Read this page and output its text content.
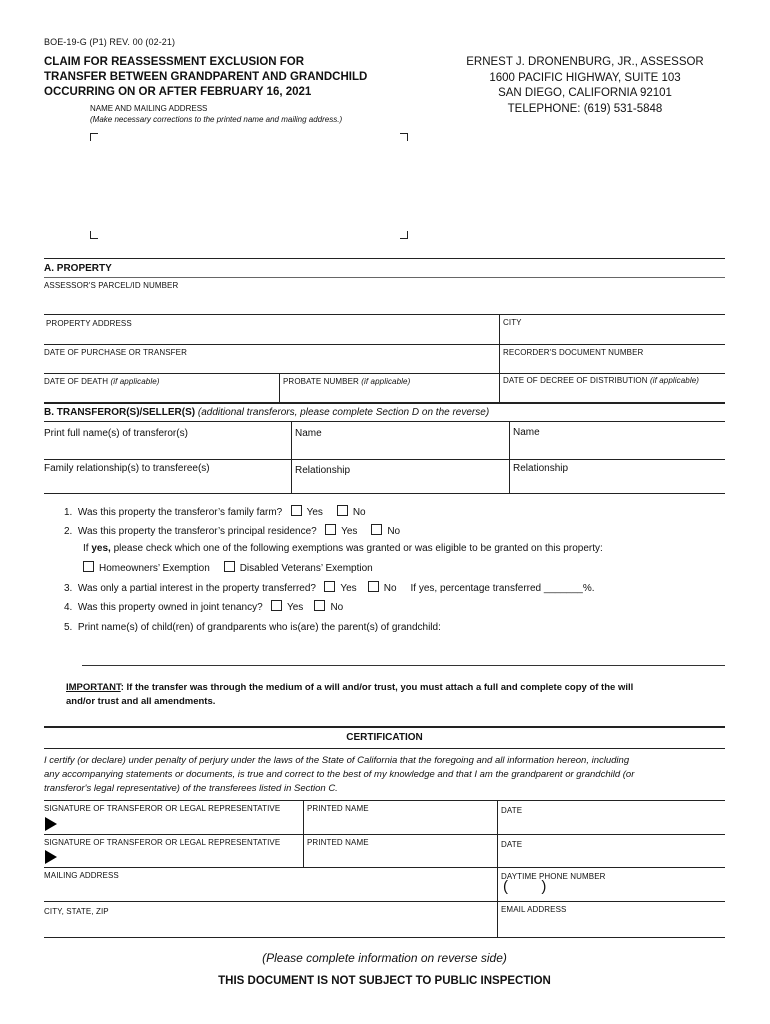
BOE-19-G (P1) REV. 00 (02-21)
CLAIM FOR REASSESSMENT EXCLUSION FOR
TRANSFER BETWEEN GRANDPARENT AND GRANDCHILD
OCCURRING ON OR AFTER FEBRUARY 16, 2021
ERNEST J. DRONENBURG, JR., ASSESSOR
1600 PACIFIC HIGHWAY, SUITE 103
SAN DIEGO, CALIFORNIA 92101
TELEPHONE: (619) 531-5848
NAME AND MAILING ADDRESS
(Make necessary corrections to the printed name and mailing address.)
A. PROPERTY
ASSESSOR'S PARCEL/ID NUMBER
PROPERTY ADDRESS	CITY
DATE OF PURCHASE OR TRANSFER	RECORDER'S DOCUMENT NUMBER
DATE OF DEATH (if applicable)	PROBATE NUMBER (if applicable)	DATE OF DECREE OF DISTRIBUTION (if applicable)
B. TRANSFEROR(S)/SELLER(S) (additional transferors, please complete Section D on the reverse)
Print full name(s) of transferor(s)	Name	Name
Family relationship(s) to transferee(s)	Relationship	Relationship
1. Was this property the transferor’s family farm? Yes	No
2. Was this property the transferor’s principal residence? Yes	No
If yes, please check which one of the following exemptions was granted or was eligible to be granted on this property:
Homeowners’ Exemption	Disabled Veterans’ Exemption
3. Was only a partial interest in the property transferred? Yes	No If yes, percentage transferred _______%.
4. Was this property owned in joint tenancy? Yes	No
5. Print name(s) of child(ren) of grandparents who is(are) the parent(s) of grandchild:
IMPORTANT: If the transfer was through the medium of a will and/or trust, you must attach a full and complete copy of the will
and/or trust and all amendments.
CERTIFICATION
I certify (or declare) under penalty of perjury under the laws of the State of California that the foregoing and all information hereon, including
any accompanying statements or documents, is true and correct to the best of my knowledge and that I am the grandparent or grandchild (or
transferor's legal representative) of the transferees listed in Section C.
SIGNATURE OF TRANSFEROR OR LEGAL REPRESENTATIVE	PRINTED NAME	DATE
SIGNATURE OF TRANSFEROR OR LEGAL REPRESENTATIVE	PRINTED NAME	DATE
MAILING ADDRESS	DAYTIME PHONE NUMBER
(        )
CITY, STATE, ZIP	EMAIL ADDRESS
(Please complete information on reverse side)
THIS DOCUMENT IS NOT SUBJECT TO PUBLIC INSPECTION
